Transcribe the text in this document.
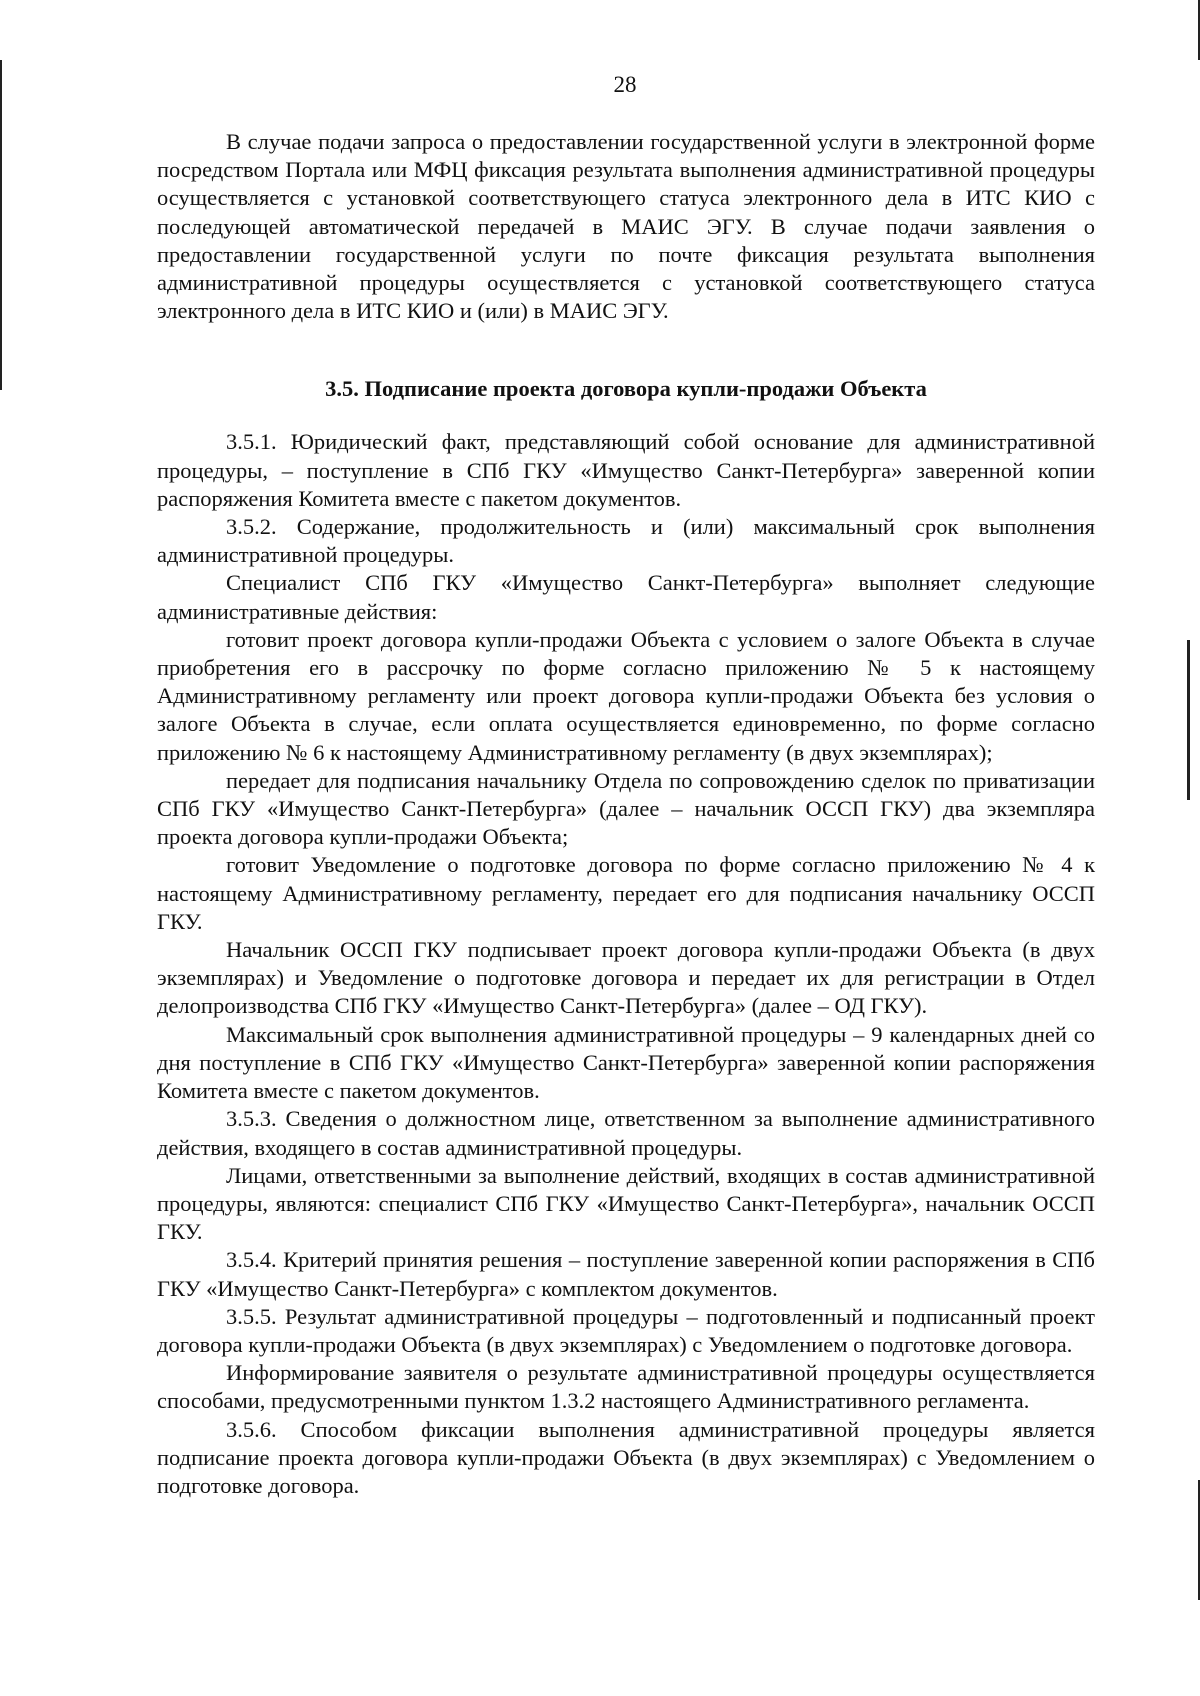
28

В случае подачи запроса о предоставлении государственной услуги в электронной форме посредством Портала или МФЦ фиксация результата выполнения административной процедуры осуществляется с установкой соответствующего статуса электронного дела в ИТС КИО с последующей автоматической передачей в МАИС ЭГУ. В случае подачи заявления о предоставлении государственной услуги по почте фиксация результата выполнения административной процедуры осуществляется с установкой соответствующего статуса электронного дела в ИТС КИО и (или) в МАИС ЭГУ.

3.5. Подписание проекта договора купли-продажи Объекта

3.5.1. Юридический факт, представляющий собой основание для административной процедуры, – поступление в СПб ГКУ «Имущество Санкт-Петербурга» заверенной копии распоряжения Комитета вместе с пакетом документов.

3.5.2. Содержание, продолжительность и (или) максимальный срок выполнения административной процедуры.

Специалист СПб ГКУ «Имущество Санкт-Петербурга» выполняет следующие административные действия:

готовит проект договора купли-продажи Объекта с условием о залоге Объекта в случае приобретения его в рассрочку по форме согласно приложению № 5 к настоящему Административному регламенту или проект договора купли-продажи Объекта без условия о залоге Объекта в случае, если оплата осуществляется единовременно, по форме согласно приложению № 6 к настоящему Административному регламенту (в двух экземплярах);

передает для подписания начальнику Отдела по сопровождению сделок по приватизации СПб ГКУ «Имущество Санкт-Петербурга» (далее – начальник ОССП ГКУ) два экземпляра проекта договора купли-продажи Объекта;

готовит Уведомление о подготовке договора по форме согласно приложению № 4 к настоящему Административному регламенту, передает его для подписания начальнику ОССП ГКУ.

Начальник ОССП ГКУ подписывает проект договора купли-продажи Объекта (в двух экземплярах) и Уведомление о подготовке договора и передает их для регистрации в Отдел делопроизводства СПб ГКУ «Имущество Санкт-Петербурга» (далее – ОД ГКУ).

Максимальный срок выполнения административной процедуры – 9 календарных дней со дня поступление в СПб ГКУ «Имущество Санкт-Петербурга» заверенной копии распоряжения Комитета вместе с пакетом документов.

3.5.3. Сведения о должностном лице, ответственном за выполнение административного действия, входящего в состав административной процедуры.

Лицами, ответственными за выполнение действий, входящих в состав административной процедуры, являются: специалист СПб ГКУ «Имущество Санкт-Петербурга», начальник ОССП ГКУ.

3.5.4. Критерий принятия решения – поступление заверенной копии распоряжения в СПб ГКУ «Имущество Санкт-Петербурга» с комплектом документов.

3.5.5. Результат административной процедуры – подготовленный и подписанный проект договора купли-продажи Объекта (в двух экземплярах) с Уведомлением о подготовке договора.

Информирование заявителя о результате административной процедуры осуществляется способами, предусмотренными пунктом 1.3.2 настоящего Административного регламента.

3.5.6. Способом фиксации выполнения административной процедуры является подписание проекта договора купли-продажи Объекта (в двух экземплярах) с Уведомлением о подготовке договора.
